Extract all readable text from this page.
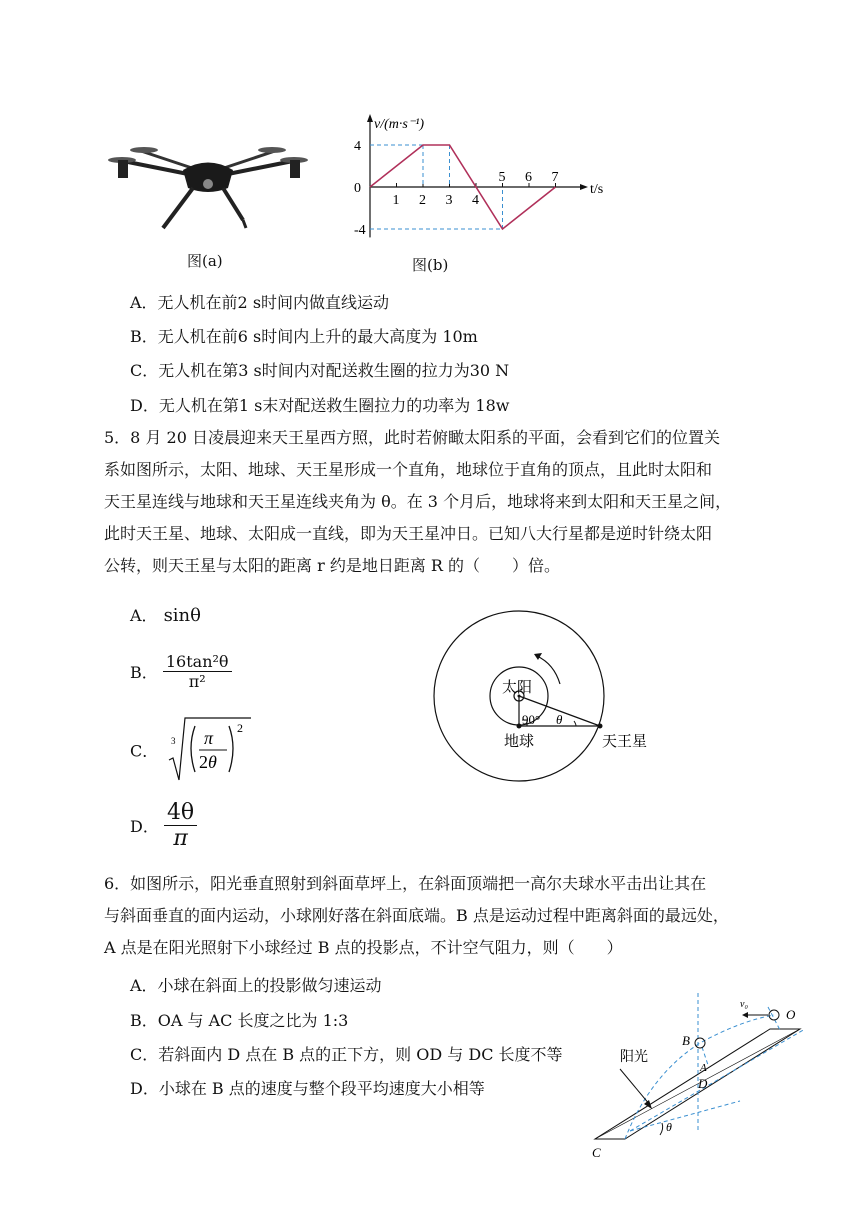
图(a)
v/(m·s⁻¹)
t/s
4
0
-4
1 2 3 4
5 6 7
图(b)
A．无人机在前2 s时间内做直线运动
B．无人机在前6 s时间内上升的最大高度为 10m
C．无人机在第3 s时间内对配送救生圈的拉力为30 N
D．无人机在第1 s末对配送救生圈拉力的功率为 18w
5．8 月 20 日凌晨迎来天王星西方照，此时若俯瞰太阳系的平面，会看到它们的位置关
系如图所示，太阳、地球、天王星形成一个直角，地球位于直角的顶点，且此时太阳和
天王星连线与地球和天王星连线夹角为 θ。在 3 个月后，地球将来到太阳和天王星之间，
此时天王星、地球、太阳成一直线，即为天王星冲日。已知八大行星都是逆时针绕太阳
公转，则天王星与太阳的距离 r 约是地日距离 R 的（　　）倍。
A． sinθ
B． $\frac{\text{16tan²θ}}{\text{π²}}$
C．
3 π
2θ
2
D． $\frac{4\theta}{\pi}$
太阳
90° θ
地球	天王星
6．如图所示，阳光垂直照射到斜面草坪上，在斜面顶端把一高尔夫球水平击出让其在
与斜面垂直的面内运动，小球刚好落在斜面底端。B 点是运动过程中距离斜面的最远处，
A 点是在阳光照射下小球经过 B 点的投影点，不计空气阻力，则（　　）
A．小球在斜面上的投影做匀速运动
B．OA 与 AC 长度之比为 1:3
C．若斜面内 D 点在 B 点的正下方，则 OD 与 DC 长度不等
D．小球在 B 点的速度与整个段平均速度大小相等
O
v₀
B
A
D
C
θ
阳光
